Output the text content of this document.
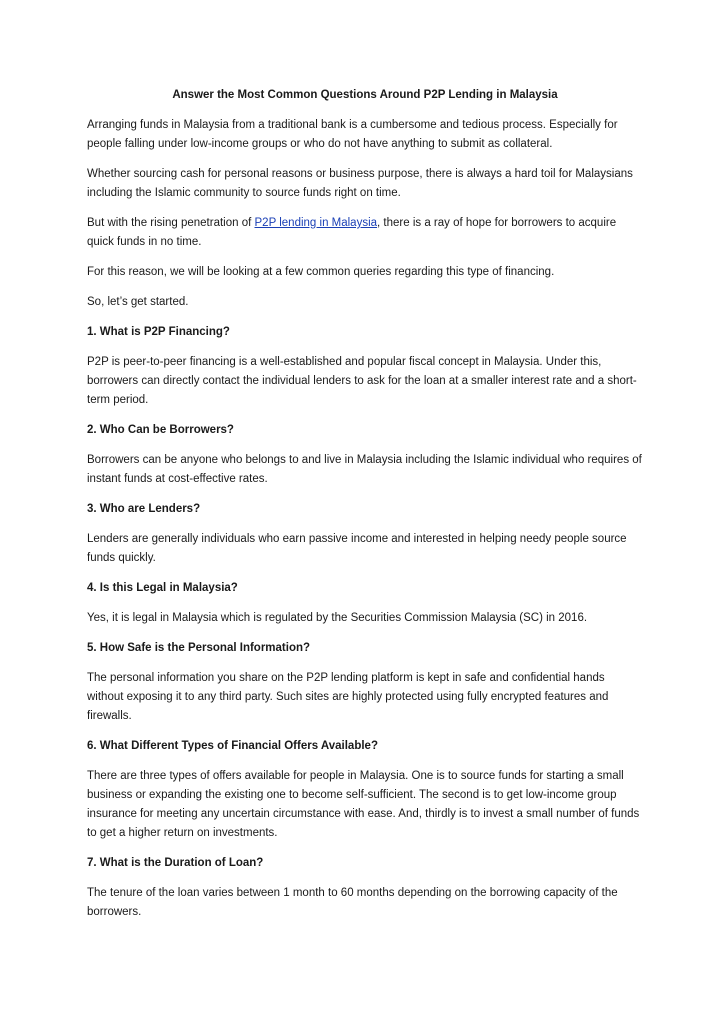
Answer the Most Common Questions Around P2P Lending in Malaysia

Arranging funds in Malaysia from a traditional bank is a cumbersome and tedious process. Especially for people falling under low-income groups or who do not have anything to submit as collateral.

Whether sourcing cash for personal reasons or business purpose, there is always a hard toil for Malaysians including the Islamic community to source funds right on time.

But with the rising penetration of P2P lending in Malaysia, there is a ray of hope for borrowers to acquire quick funds in no time.

For this reason, we will be looking at a few common queries regarding this type of financing.

So, let’s get started.

1. What is P2P Financing?

P2P is peer-to-peer financing is a well-established and popular fiscal concept in Malaysia. Under this, borrowers can directly contact the individual lenders to ask for the loan at a smaller interest rate and a short-term period.

2. Who Can be Borrowers?

Borrowers can be anyone who belongs to and live in Malaysia including the Islamic individual who requires of instant funds at cost-effective rates.

3. Who are Lenders?

Lenders are generally individuals who earn passive income and interested in helping needy people source funds quickly.

4. Is this Legal in Malaysia?

Yes, it is legal in Malaysia which is regulated by the Securities Commission Malaysia (SC) in 2016.

5. How Safe is the Personal Information?

The personal information you share on the P2P lending platform is kept in safe and confidential hands without exposing it to any third party. Such sites are highly protected using fully encrypted features and firewalls.

6. What Different Types of Financial Offers Available?

There are three types of offers available for people in Malaysia. One is to source funds for starting a small business or expanding the existing one to become self-sufficient. The second is to get low-income group insurance for meeting any uncertain circumstance with ease. And, thirdly is to invest a small number of funds to get a higher return on investments.

7. What is the Duration of Loan?

The tenure of the loan varies between 1 month to 60 months depending on the borrowing capacity of the borrowers.
